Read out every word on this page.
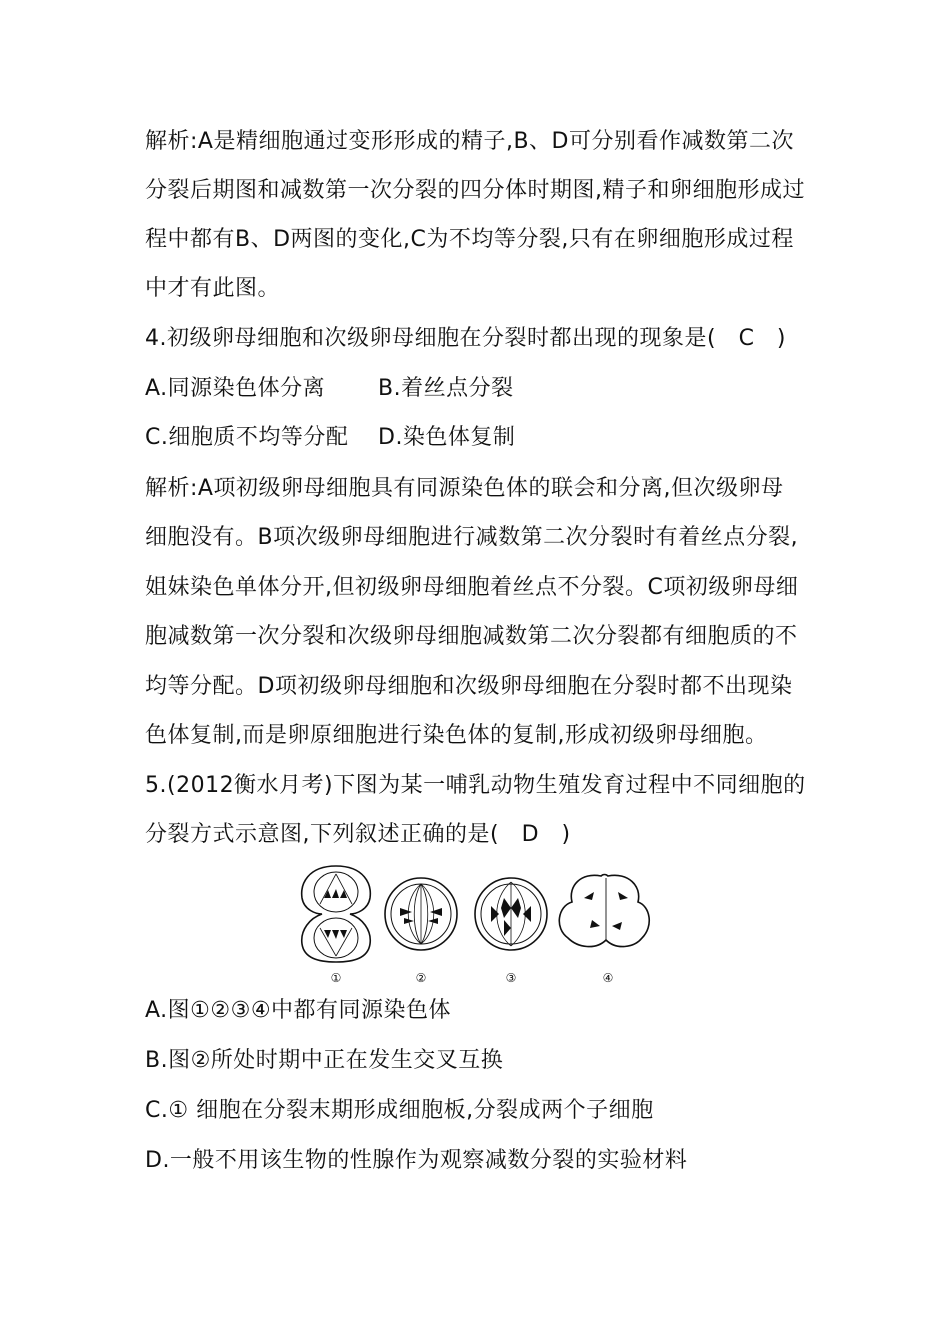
解析:A是精细胞通过变形形成的精子,B、D可分别看作减数第二次
分裂后期图和减数第一次分裂的四分体时期图,精子和卵细胞形成过
程中都有B、D两图的变化,C为不均等分裂,只有在卵细胞形成过程
中才有此图。
4.初级卵母细胞和次级卵母细胞在分裂时都出现的现象是(　C　)
A.同源染色体分离 B.着丝点分裂
C.细胞质不均等分配 D.染色体复制
解析:A项初级卵母细胞具有同源染色体的联会和分离,但次级卵母
细胞没有。B项次级卵母细胞进行减数第二次分裂时有着丝点分裂,
姐妹染色单体分开,但初级卵母细胞着丝点不分裂。C项初级卵母细
胞减数第一次分裂和次级卵母细胞减数第二次分裂都有细胞质的不
均等分配。D项初级卵母细胞和次级卵母细胞在分裂时都不出现染
色体复制,而是卵原细胞进行染色体的复制,形成初级卵母细胞。
5.(2012衡水月考)下图为某一哺乳动物生殖发育过程中不同细胞的
分裂方式示意图,下列叙述正确的是(　D　)
①	②	③	④
A.图①②③④中都有同源染色体
B.图②所处时期中正在发生交叉互换
C.① 细胞在分裂末期形成细胞板,分裂成两个子细胞
D.一般不用该生物的性腺作为观察减数分裂的实验材料
